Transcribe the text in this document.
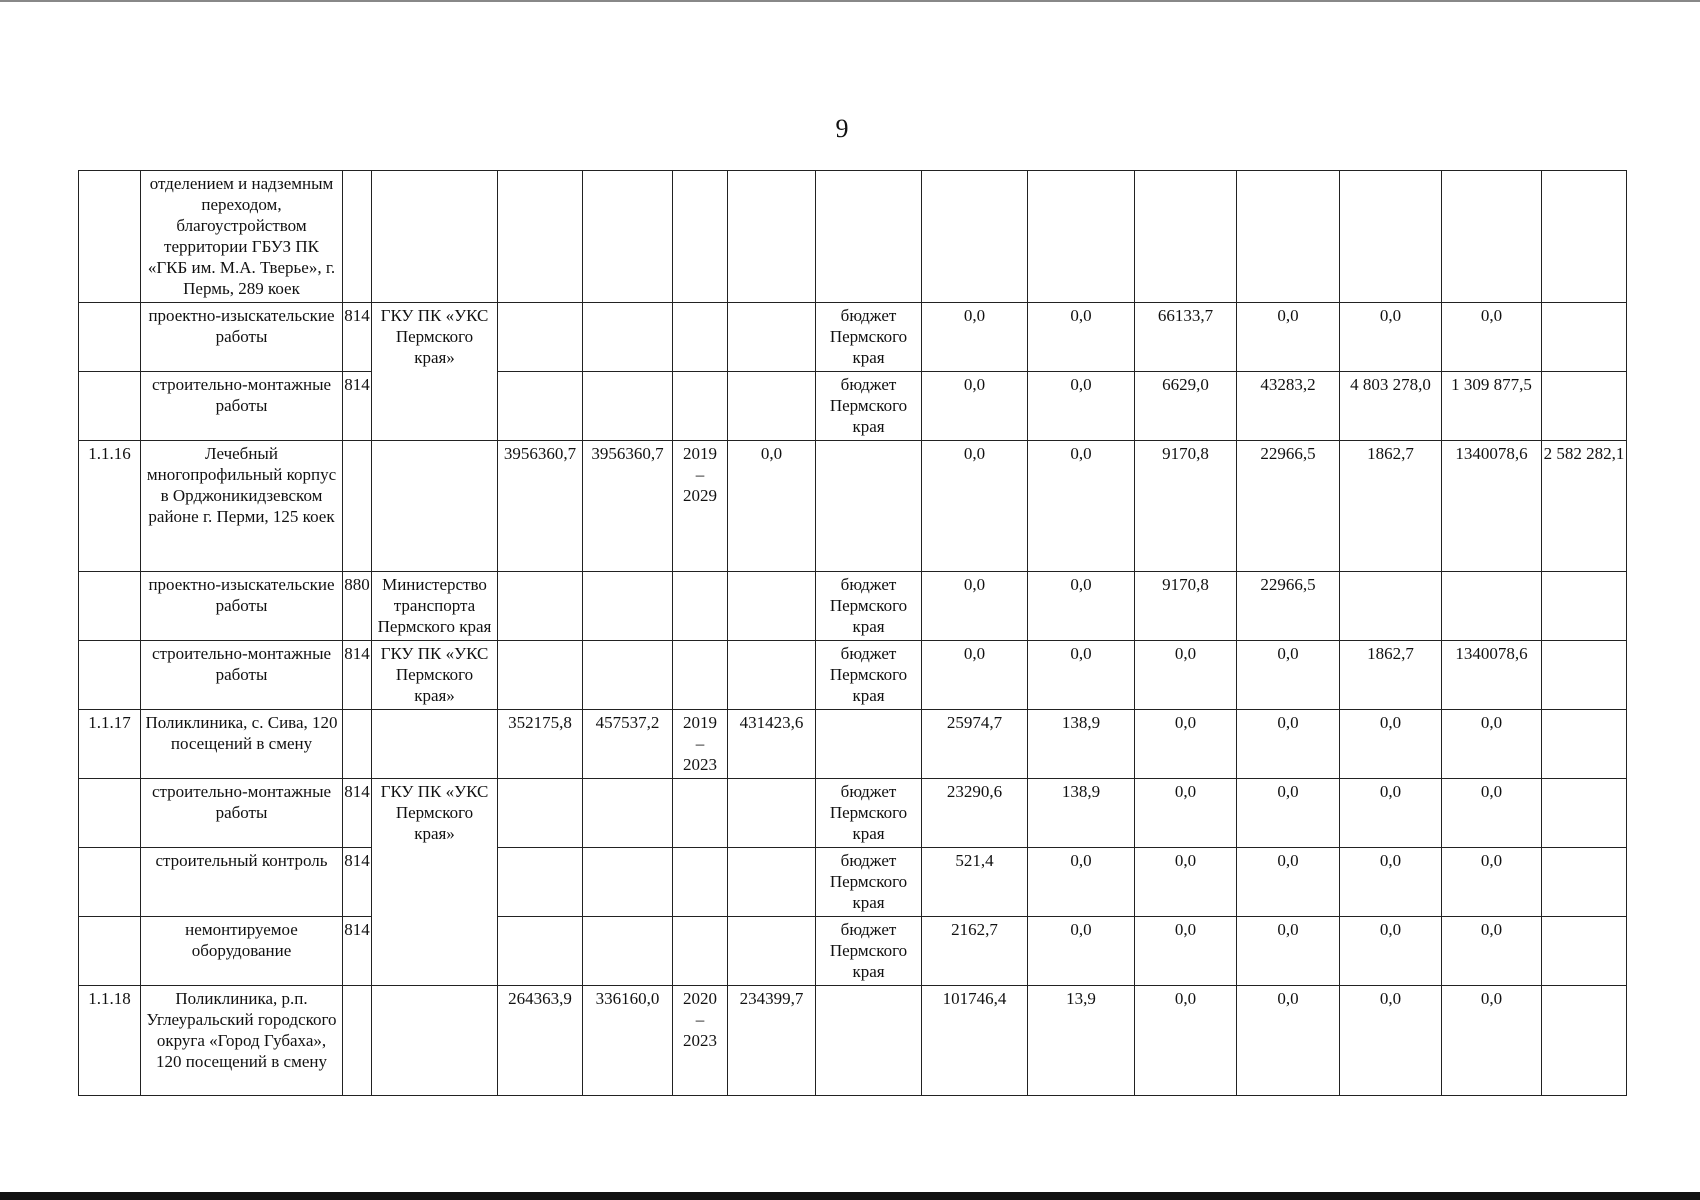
9
	отделением и надземным переходом, благоустройством территории ГБУЗ ПК «ГКБ им. М.А. Тверье», г. Пермь, 289 коек														
	проектно-изыскательские работы	814	ГКУ ПК «УКС Пермского края»					бюджет Пермского края	0,0	0,0	66133,7	0,0	0,0	0,0	
	строительно-монтажные работы	814						бюджет Пермского края	0,0	0,0	6629,0	43283,2	4 803 278,0	1 309 877,5	
1.1.16	Лечебный многопрофильный корпус в Орджоникидзевском районе г. Перми, 125 коек			3956360,7	3956360,7	2019 – 2029	0,0		0,0	0,0	9170,8	22966,5	1862,7	1340078,6	2 582 282,1
	проектно-изыскательские работы	880	Министерство транспорта Пермского края					бюджет Пермского края	0,0	0,0	9170,8	22966,5			
	строительно-монтажные работы	814	ГКУ ПК «УКС Пермского края»					бюджет Пермского края	0,0	0,0	0,0	0,0	1862,7	1340078,6	
1.1.17	Поликлиника, с. Сива, 120 посещений в смену			352175,8	457537,2	2019 – 2023	431423,6		25974,7	138,9	0,0	0,0	0,0	0,0	
	строительно-монтажные работы	814	ГКУ ПК «УКС Пермского края»					бюджет Пермского края	23290,6	138,9	0,0	0,0	0,0	0,0	
	строительный контроль	814						бюджет Пермского края	521,4	0,0	0,0	0,0	0,0	0,0	
	немонтируемое оборудование	814						бюджет Пермского края	2162,7	0,0	0,0	0,0	0,0	0,0	
1.1.18	Поликлиника, р.п. Углеуральский городского округа «Город Губаха», 120 посещений в смену			264363,9	336160,0	2020 – 2023	234399,7		101746,4	13,9	0,0	0,0	0,0	0,0	
